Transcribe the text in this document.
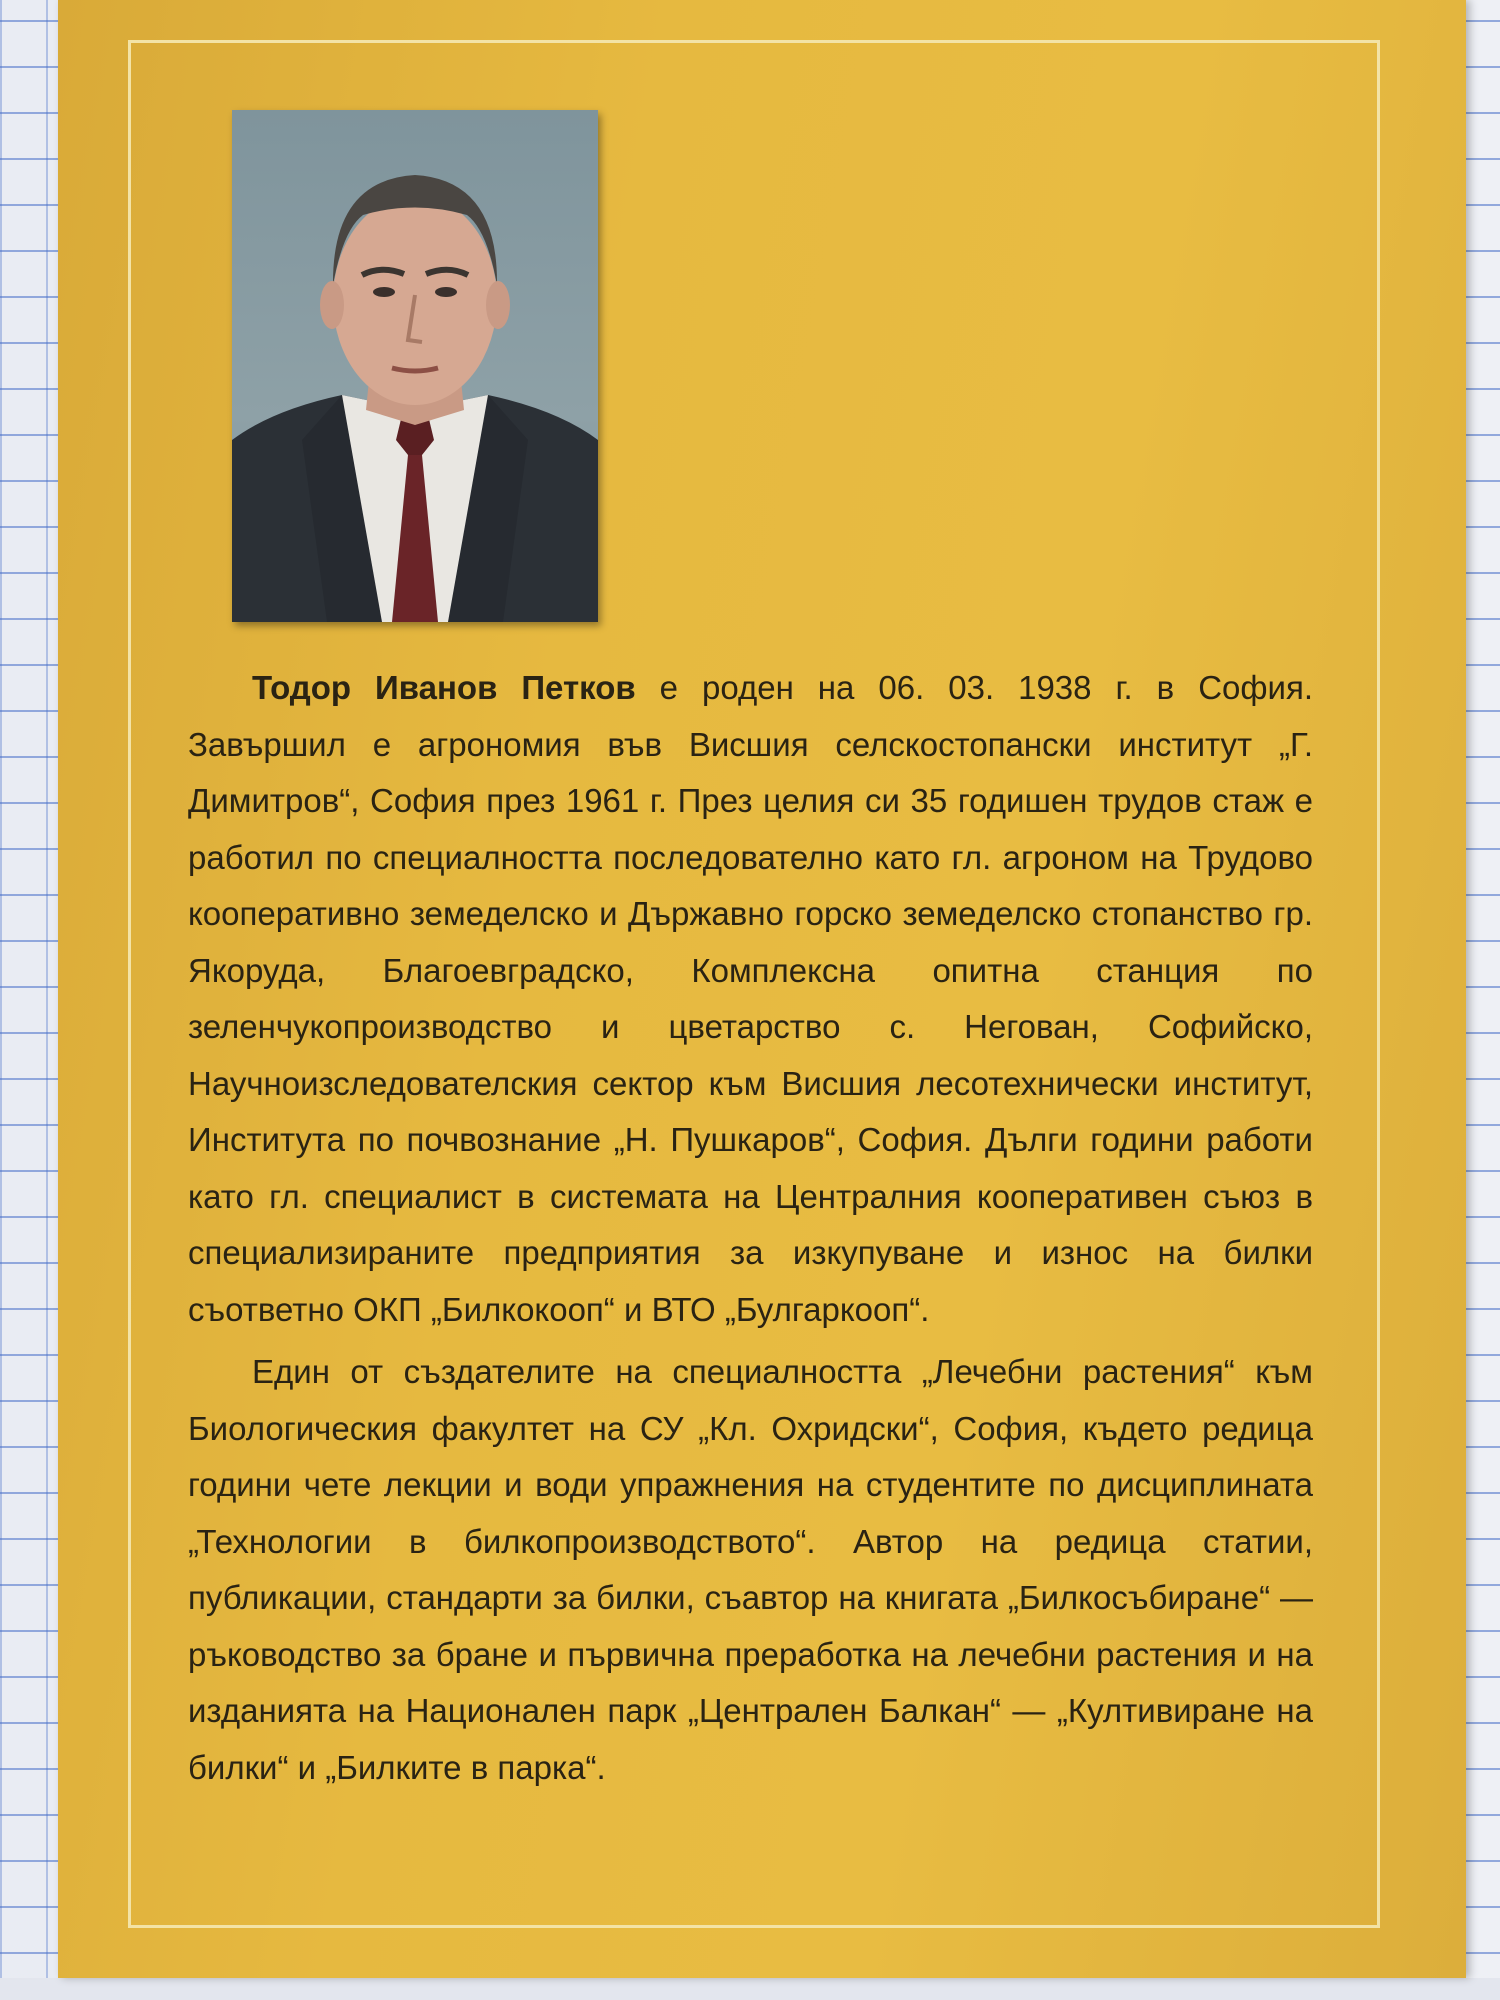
Тодор Иванов Петков е роден на 06. 03. 1938 г. в София. Завършил е агрономия във Висшия селскостопански институт „Г. Димитров“, София през 1961 г. През целия си 35 годишен трудов стаж е работил по специалността последователно като гл. агроном на Трудово кооперативно земеделско и Държавно горско земеделско стопанство гр. Якоруда, Благоевградско, Комплексна опитна станция по зеленчукопроизводство и цветарство с. Негован, Софийско, Научноизследователския сектор към Висшия лесотехнически институт, Института по почвознание „Н. Пушкаров“, София. Дълги години работи като гл. специалист в системата на Централния кооперативен съюз в специализираните предприятия за изкупуване и износ на билки съответно ОКП „Билкокооп“ и ВТО „Булгаркооп“.

Един от създателите на специалността „Лечебни растения“ към Биологическия факултет на СУ „Кл. Охридски“, София, където редица години чете лекции и води упражнения на студентите по дисциплината „Технологии в билкопроизводството“. Автор на редица статии, публикации, стандарти за билки, съавтор на книгата „Билкосъбиране“ — ръководство за бране и първична преработка на лечебни растения и на изданията на Национален парк „Централен Балкан“ — „Култивиране на билки“ и „Билките в парка“.
